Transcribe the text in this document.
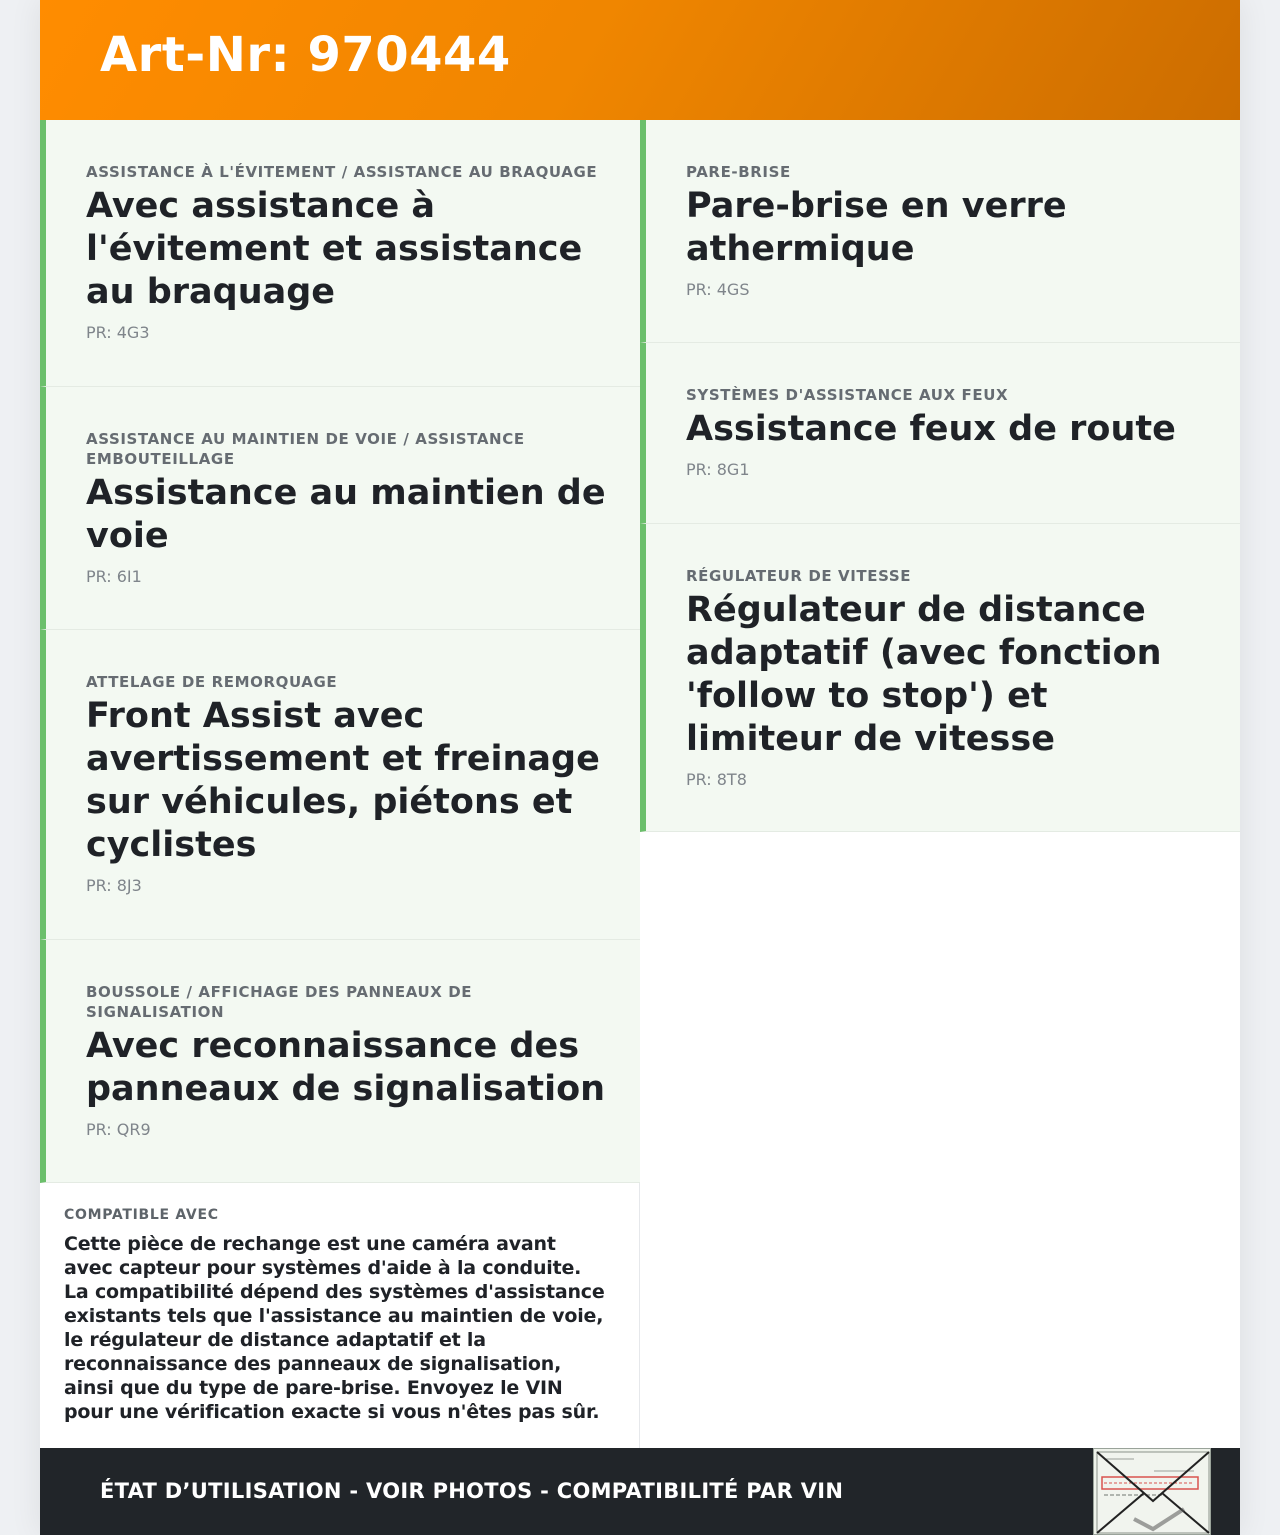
Art-Nr: 970444
ASSISTANCE À L'ÉVITEMENT / ASSISTANCE AU BRAQUAGE
Avec assistance à l'évitement et assistance au braquage
PR: 4G3
ASSISTANCE AU MAINTIEN DE VOIE / ASSISTANCE EMBOUTEILLAGE
Assistance au maintien de voie
PR: 6I1
ATTELAGE DE REMORQUAGE
Front Assist avec avertissement et freinage sur véhicules, piétons et cyclistes
PR: 8J3
BOUSSOLE / AFFICHAGE DES PANNEAUX DE SIGNALISATION
Avec reconnaissance des panneaux de signalisation
PR: QR9
COMPATIBLE AVEC
Cette pièce de rechange est une caméra avant avec capteur pour systèmes d'aide à la conduite. La compatibilité dépend des systèmes d'assistance existants tels que l'assistance au maintien de voie, le régulateur de distance adaptatif et la reconnaissance des panneaux de signalisation, ainsi que du type de pare-brise. Envoyez le VIN pour une vérification exacte si vous n'êtes pas sûr.
PARE-BRISE
Pare-brise en verre athermique
PR: 4GS
SYSTÈMES D'ASSISTANCE AUX FEUX
Assistance feux de route
PR: 8G1
RÉGULATEUR DE VITESSE
Régulateur de distance adaptatif (avec fonction 'follow to stop') et limiteur de vitesse
PR: 8T8
ÉTAT D’UTILISATION - VOIR PHOTOS - COMPATIBILITÉ PAR VIN
